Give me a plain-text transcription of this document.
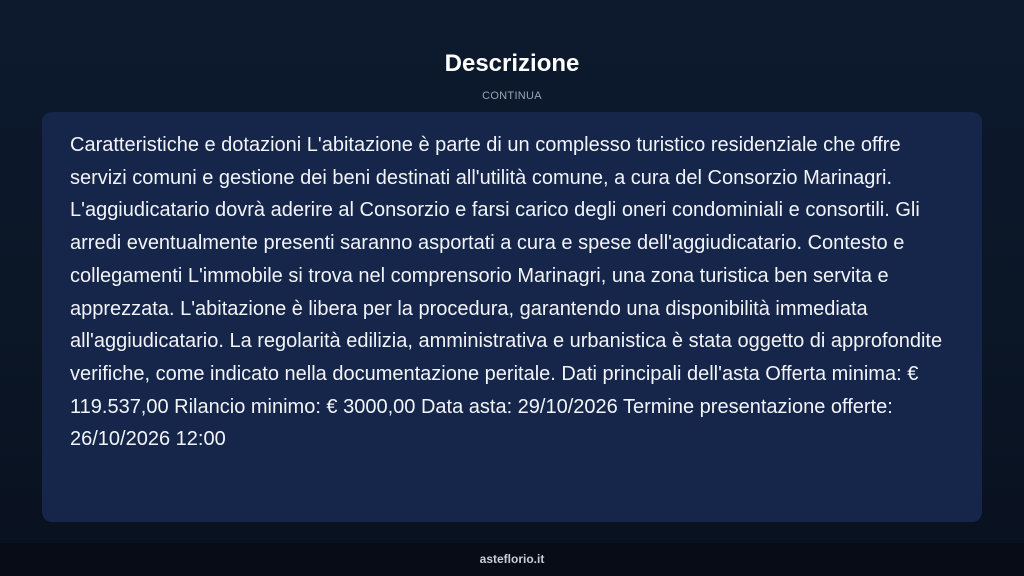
Descrizione
CONTINUA

Caratteristiche e dotazioni L'abitazione è parte di un complesso turistico residenziale che offre servizi comuni e gestione dei beni destinati all'utilità comune, a cura del Consorzio Marinagri. L'aggiudicatario dovrà aderire al Consorzio e farsi carico degli oneri condominiali e consortili. Gli arredi eventualmente presenti saranno asportati a cura e spese dell'aggiudicatario. Contesto e collegamenti L'immobile si trova nel comprensorio Marinagri, una zona turistica ben servita e apprezzata. L'abitazione è libera per la procedura, garantendo una disponibilità immediata all'aggiudicatario. La regolarità edilizia, amministrativa e urbanistica è stata oggetto di approfondite verifiche, come indicato nella documentazione peritale. Dati principali dell'asta Offerta minima: € 119.537,00 Rilancio minimo: € 3000,00 Data asta: 29/10/2026 Termine presentazione offerte: 26/10/2026 12:00

asteflorio.it
